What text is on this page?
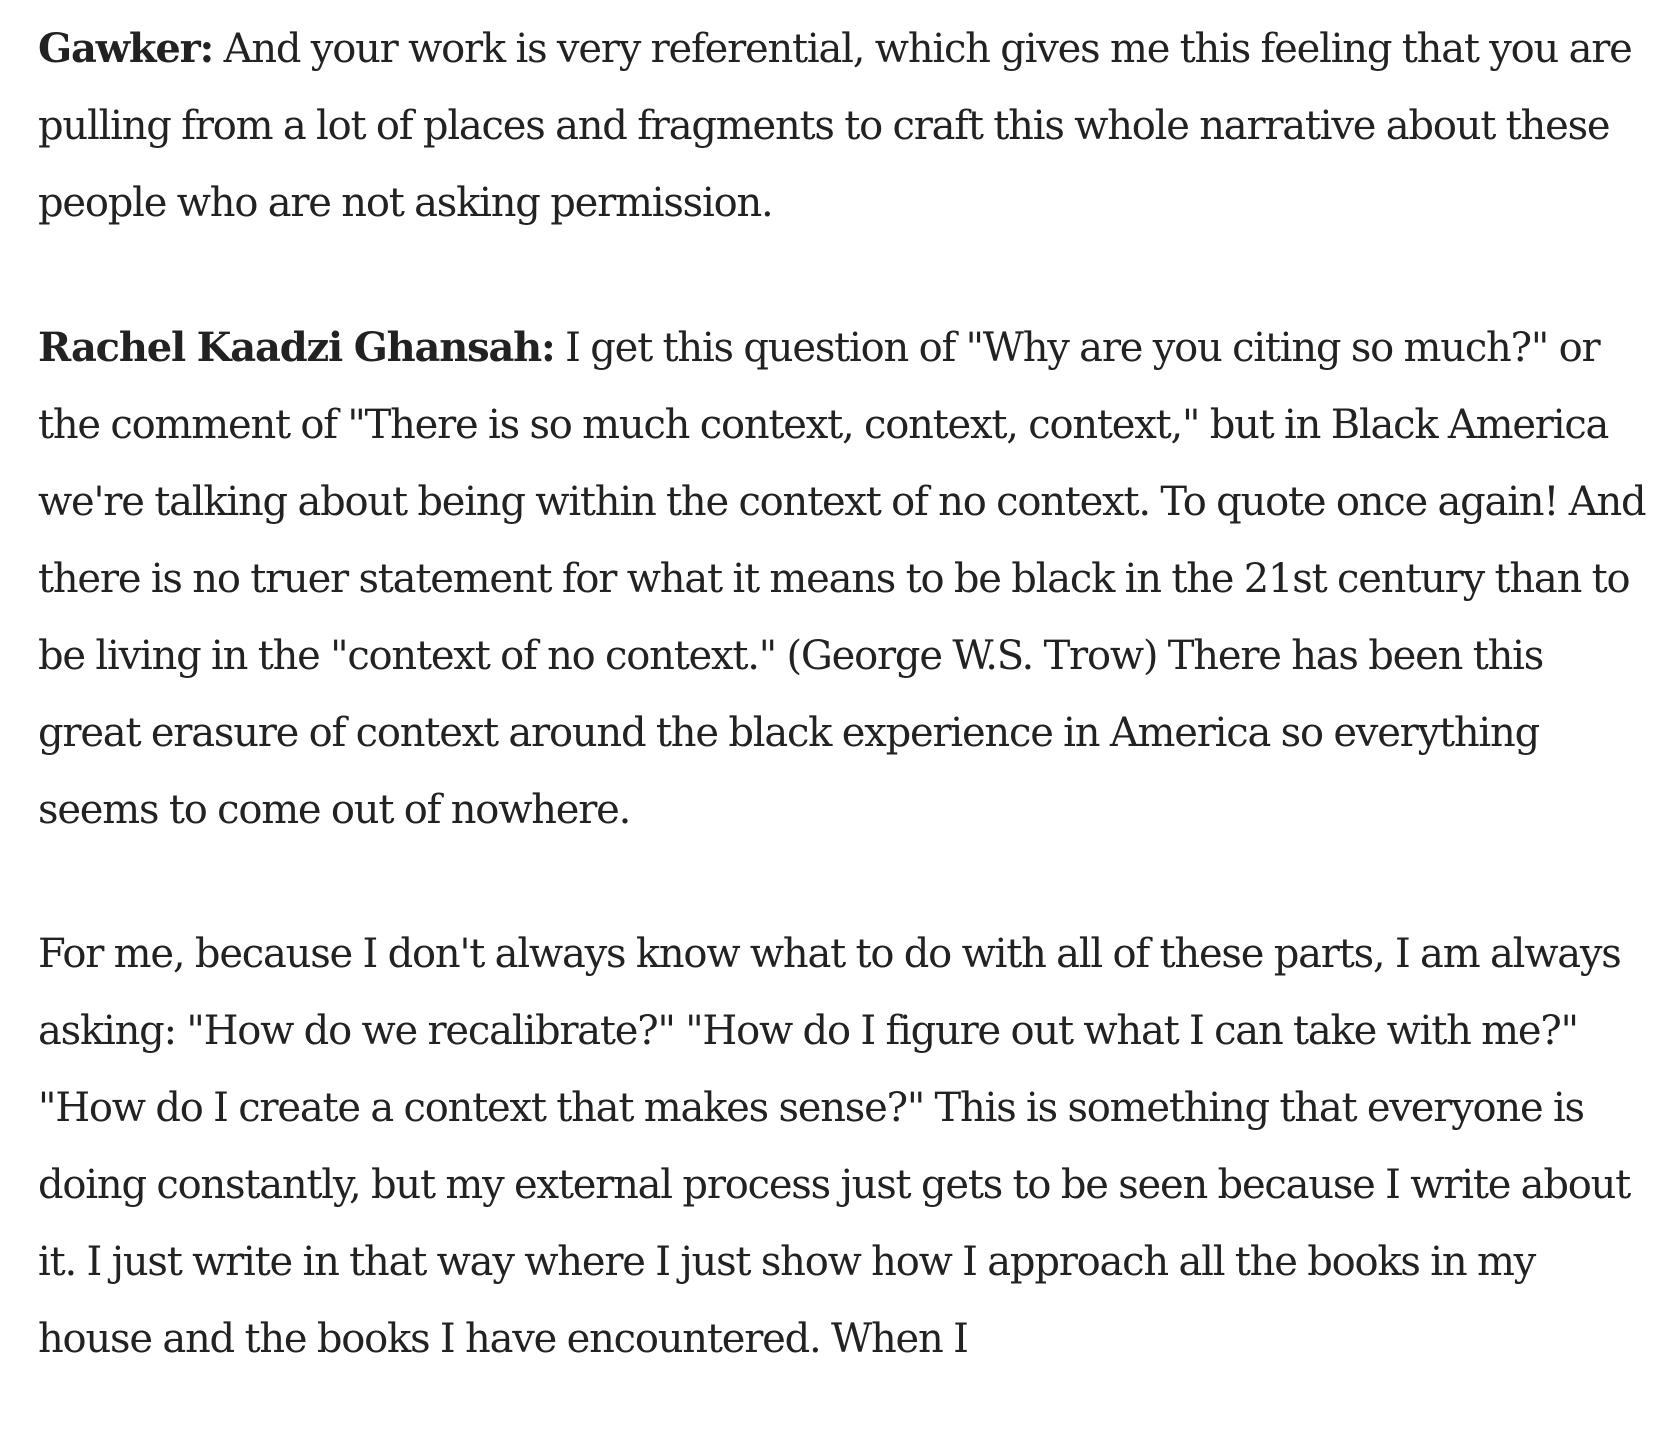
Gawker: And your work is very referential, which gives me this feeling that you are pulling from a lot of places and fragments to craft this whole narrative about these people who are not asking permission.

Rachel Kaadzi Ghansah: I get this question of "Why are you citing so much?" or the comment of "There is so much context, context, context," but in Black America we're talking about being within the context of no context. To quote once again! And there is no truer statement for what it means to be black in the 21st century than to be living in the "context of no context." (George W.S. Trow) There has been this great erasure of context around the black experience in America so everything seems to come out of nowhere.

For me, because I don't always know what to do with all of these parts, I am always asking: "How do we recalibrate?" "How do I figure out what I can take with me?" "How do I create a context that makes sense?" This is something that everyone is doing constantly, but my external process just gets to be seen because I write about it. I just write in that way where I just show how I approach all the books in my house and the books I have encountered. When I
